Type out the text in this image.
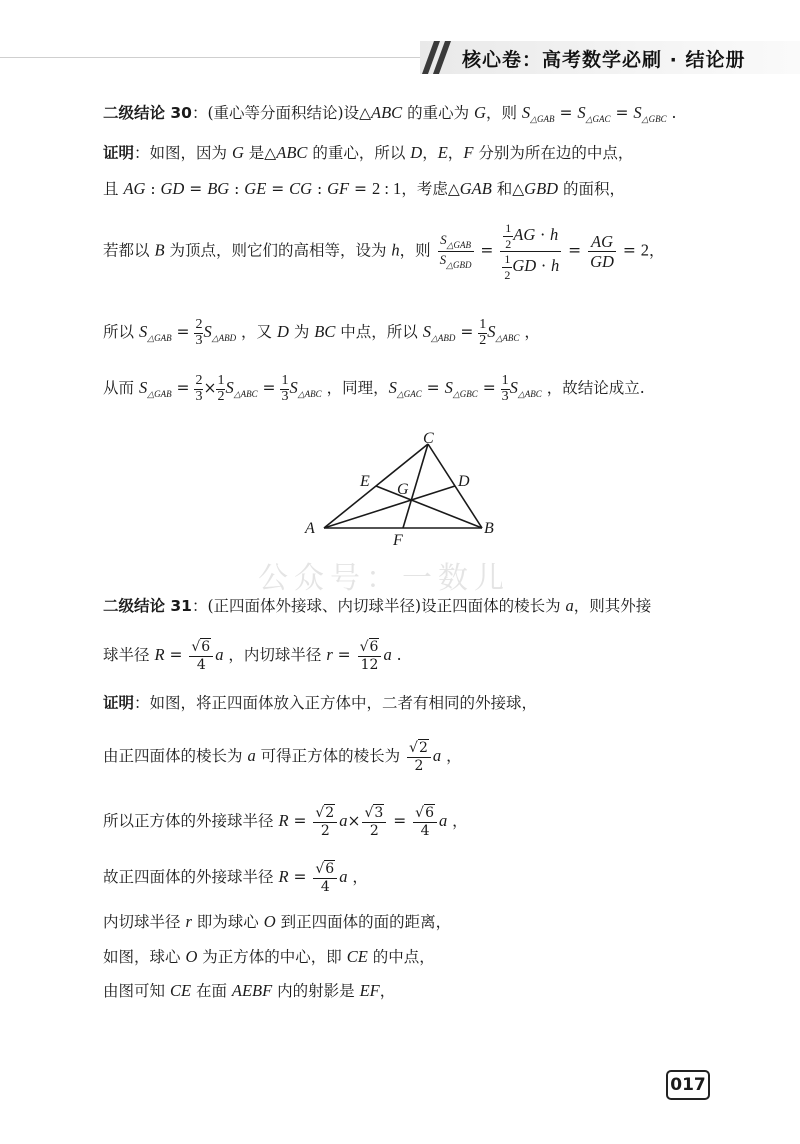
核心卷：高考数学必刷 · 结论册
二级结论 30：(重心等分面积结论)设△ABC 的重心为 G，则 $S_{\triangle GAB} = S_{\triangle GAC} = S_{\triangle GBC}$ .
证明：如图，因为 G 是△ABC 的重心，所以 D，E，F 分别为所在边的中点，
且 AG : GD = BG : GE = CG : GF = 2 : 1，考虑△GAB 和△GBD 的面积，
若都以 B 为顶点，则它们的高相等，设为 h，则 $\frac{S_{\triangle GAB}}{S_{\triangle GBD}} = \frac{\frac{1}{2} AG \cdot h}{\frac{1}{2} GD \cdot h} = \frac{AG}{GD} = 2$，
所以 $S_{\triangle GAB} = \frac{2}{3} S_{\triangle ABD}$ ，又 D 为 BC 中点，所以 $S_{\triangle ABD} = \frac{1}{2} S_{\triangle ABC}$ ，
从而 $S_{\triangle GAB} = \frac{2}{3} \times \frac{1}{2} S_{\triangle ABC} = \frac{1}{3} S_{\triangle ABC}$ ，同理，$S_{\triangle GAC} = S_{\triangle GBC} = \frac{1}{3} S_{\triangle ABC}$ ，故结论成立.
C
E G	D
A	B
F
公众号：一数儿
二级结论 31：(正四面体外接球、内切球半径)设正四面体的棱长为 a，则其外接
球半径 $R = \frac{√6}{4}$ a ，内切球半径 $r = \frac{√6}{12}$ a .
证明：如图，将正四面体放入正方体中，二者有相同的外接球，
由正四面体的棱长为 a 可得正方体的棱长为 $\frac{√2}{2}$ a ，
所以正方体的外接球半径 $R = \frac{√2}{2} a\times \frac{√3}{2} = \frac{√6}{4}$ a ，
故正四面体的外接球半径 $R = \frac{√6}{4}$ a ，
内切球半径 r 即为球心 O 到正四面体的面的距离，
如图，球心 O 为正方体的中心，即 CE 的中点，
由图可知 CE 在面 AEBF 内的射影是 EF，
017
